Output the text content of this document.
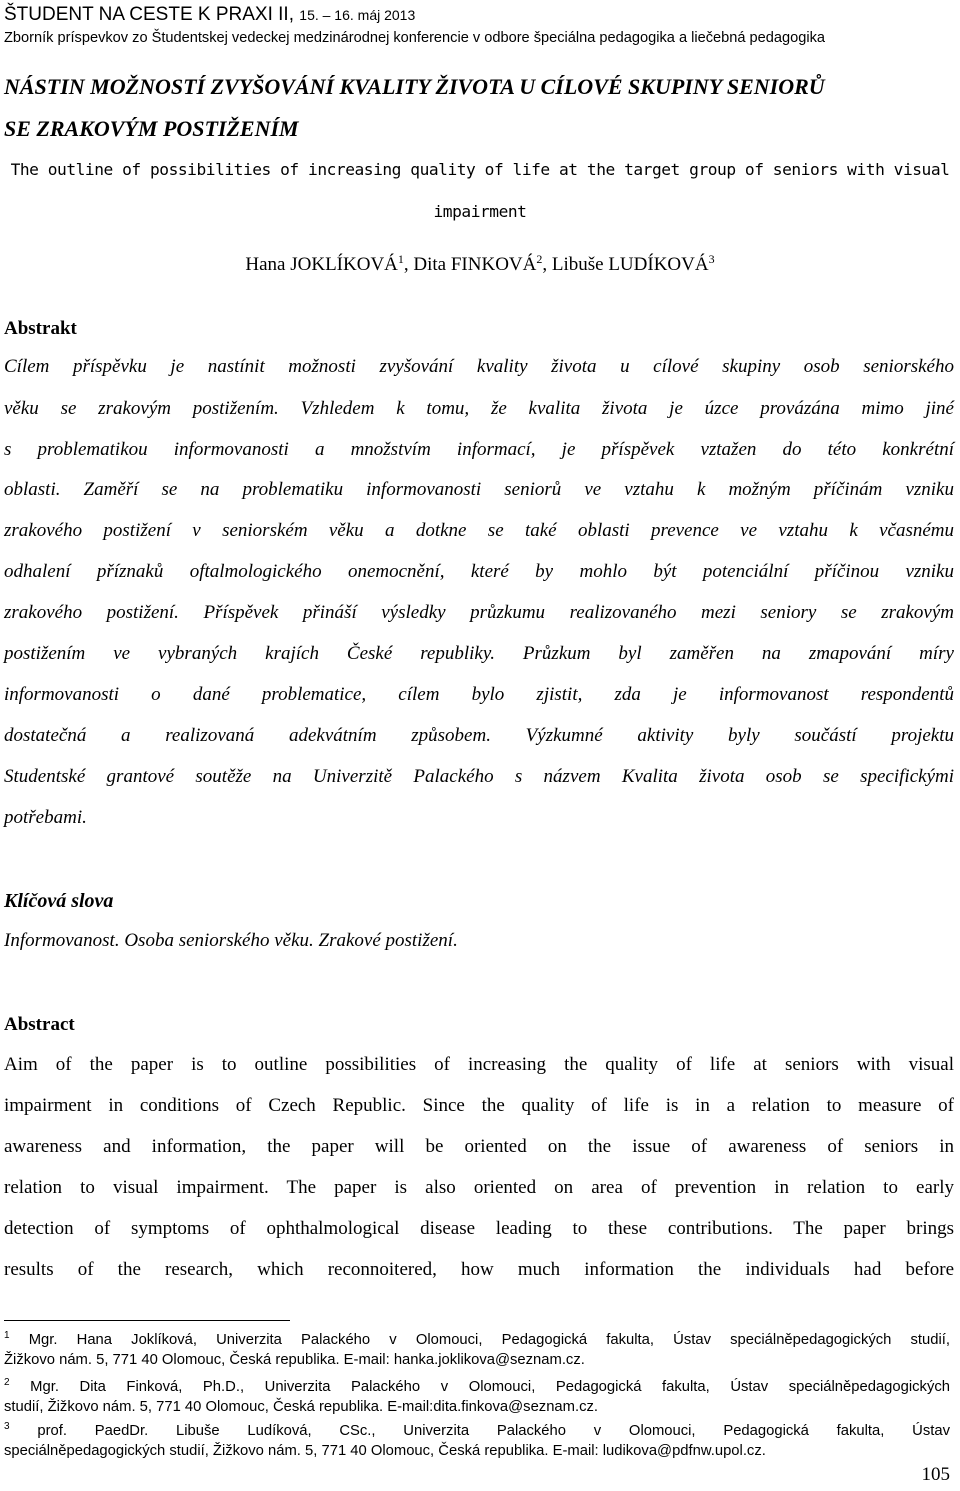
ŠTUDENT NA CESTE K PRAXI II, 15. – 16. máj 2013
Zborník príspevkov zo Študentskej vedeckej medzinárodnej konferencie v odbore špeciálna pedagogika a liečebná pedagogika
NÁSTIN MOŽNOSTÍ ZVYŠOVÁNÍ KVALITY ŽIVOTA U CÍLOVÉ SKUPINY SENIORŮ
SE ZRAKOVÝM POSTIŽENÍM
The outline of possibilities of increasing quality of life at the target group of seniors with visual
impairment
Hana JOKLÍKOVÁ$^1$, Dita FINKOVÁ$^2$, Libuše LUDÍKOVÁ$^3$
Abstrakt
Cílem příspěvku je nastínit možnosti zvyšování kvality života u cílové skupiny osob seniorského
věku se zrakovým postižením. Vzhledem k tomu, že kvalita života je úzce provázána mimo jiné
s problematikou informovanosti a množstvím informací, je příspěvek vztažen do této konkrétní
oblasti. Zaměří se na problematiku informovanosti seniorů ve vztahu k možným příčinám vzniku
zrakového postižení v seniorském věku a dotkne se také oblasti prevence ve vztahu k včasnému
odhalení příznaků oftalmologického onemocnění, které by mohlo být potenciální příčinou vzniku
zrakového postižení. Příspěvek přináší výsledky průzkumu realizovaného mezi seniory se zrakovým
postižením ve vybraných krajích České republiky. Průzkum byl zaměřen na zmapování míry
informovanosti o dané problematice, cílem bylo zjistit, zda je informovanost respondentů
dostatečná a realizovaná adekvátním způsobem. Výzkumné aktivity byly součástí projektu
Studentské grantové soutěže na Univerzitě Palackého s názvem Kvalita života osob se specifickými
potřebami.
Klíčová slova
Informovanost. Osoba seniorského věku. Zrakové postižení.
Abstract
Aim of the paper is to outline possibilities of increasing the quality of life at seniors with visual
impairment in conditions of Czech Republic. Since the quality of life is in a relation to measure of
awareness and information, the paper will be oriented on the issue of awareness of seniors in
relation to visual impairment. The paper is also oriented on area of prevention in relation to early
detection of symptoms of ophthalmological disease leading to these contributions. The paper brings
results of the research, which reconnoitered, how much information the individuals had before
$^1$ Mgr. Hana Joklíková, Univerzita Palackého v Olomouci, Pedagogická fakulta, Ústav speciálněpedagogických studií,
Žižkovo nám. 5, 771 40 Olomouc, Česká republika. E-mail: hanka.joklikova@seznam.cz.
$^2$ Mgr. Dita Finková, Ph.D., Univerzita Palackého v Olomouci, Pedagogická fakulta, Ústav speciálněpedagogických
studií, Žižkovo nám. 5, 771 40 Olomouc, Česká republika. E-mail:dita.finkova@seznam.cz.
$^3$ prof. PaedDr. Libuše Ludíková, CSc., Univerzita Palackého v Olomouci, Pedagogická fakulta, Ústav
speciálněpedagogických studií, Žižkovo nám. 5, 771 40 Olomouc, Česká republika. E-mail: ludikova@pdfnw.upol.cz.
105
